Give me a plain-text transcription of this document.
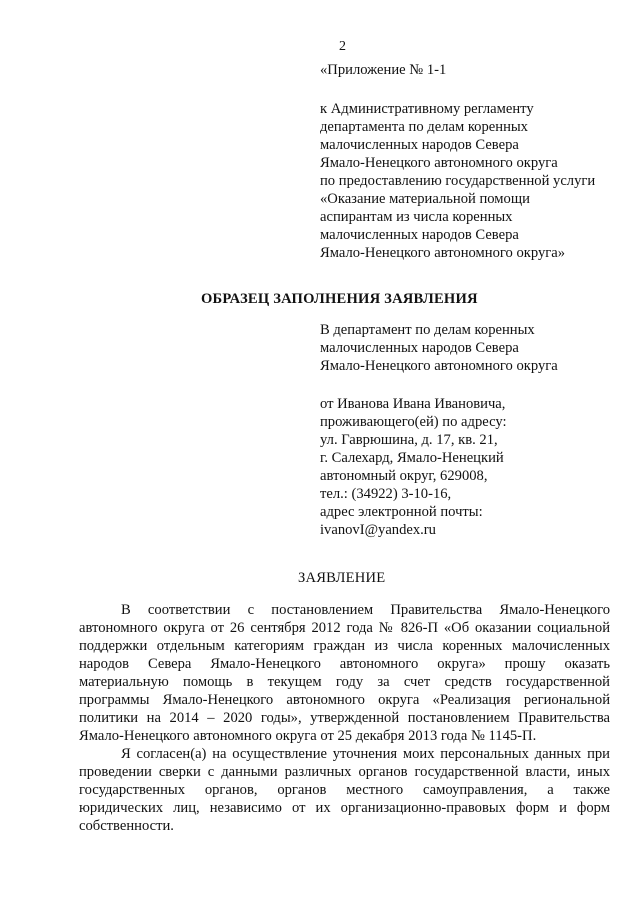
2
«Приложение № 1-1
к Административному регламенту
департамента по делам коренных
малочисленных народов Севера
Ямало-Ненецкого автономного округа
по предоставлению государственной услуги
«Оказание материальной помощи
аспирантам из числа коренных
малочисленных народов Севера
Ямало-Ненецкого автономного округа»
ОБРАЗЕЦ ЗАПОЛНЕНИЯ ЗАЯВЛЕНИЯ
В департамент по делам коренных
малочисленных народов Севера
Ямало-Ненецкого автономного округа
от Иванова Ивана Ивановича,
проживающего(ей) по адресу:
ул. Гаврюшина, д. 17, кв. 21,
г. Салехард, Ямало-Ненецкий
автономный округ, 629008,
тел.: (34922) 3-10-16,
адрес электронной почты:
ivanovI@yandex.ru
ЗАЯВЛЕНИЕ
В соответствии с постановлением Правительства Ямало-Ненецкого
автономного округа от 26 сентября 2012 года № 826-П «Об оказании социальной
поддержки отдельным категориям граждан из числа коренных малочисленных
народов Севера Ямало-Ненецкого автономного округа» прошу оказать
материальную помощь в текущем году за счет средств государственной
программы Ямало-Ненецкого автономного округа «Реализация региональной
политики на 2014 – 2020 годы», утвержденной постановлением Правительства
Ямало-Ненецкого автономного округа от 25 декабря 2013 года № 1145-П.
Я согласен(а) на осуществление уточнения моих персональных данных при
проведении сверки с данными различных органов государственной власти, иных
государственных органов, органов местного самоуправления, а также
юридических лиц, независимо от их организационно-правовых форм и форм
собственности.
